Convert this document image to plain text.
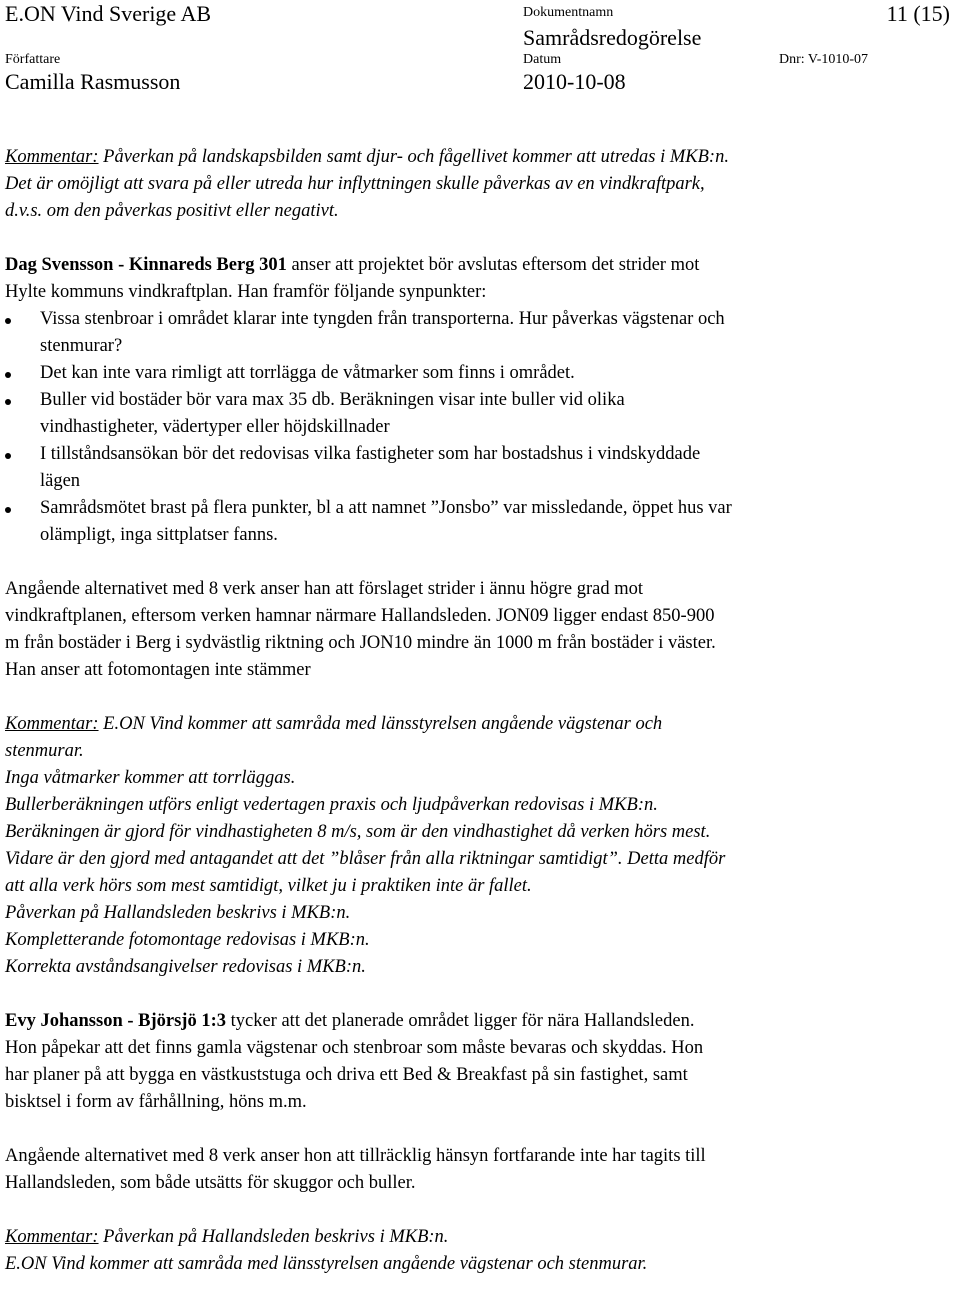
E.ON Vind Sverige AB	Dokumentnamn
Samrådsredogörelse
11 (15)
Författare	Datum	Dnr: V-1010-07
Camilla Rasmusson	2010-10-08

Kommentar: Påverkan på landskapsbilden samt djur- och fågellivet kommer att utredas i MKB:n.
Det är omöjligt att svara på eller utreda hur inflyttningen skulle påverkas av en vindkraftpark,
d.v.s. om den påverkas positivt eller negativt.

Dag Svensson - Kinnareds Berg 301 anser att projektet bör avslutas eftersom det strider mot
Hylte kommuns vindkraftplan. Han framför följande synpunkter:

Vissa stenbroar i området klarar inte tyngden från transporterna. Hur påverkas vägstenar och
stenmurar?
Det kan inte vara rimligt att torrlägga de våtmarker som finns i området.
Buller vid bostäder bör vara max 35 db. Beräkningen visar inte buller vid olika
vindhastigheter, vädertyper eller höjdskillnader
I tillståndsansökan bör det redovisas vilka fastigheter som har bostadshus i vindskyddade
lägen
Samrådsmötet brast på flera punkter, bl a att namnet ”Jonsbo” var missledande, öppet hus var
olämpligt, inga sittplatser fanns.

Angående alternativet med 8 verk anser han att förslaget strider i ännu högre grad mot
vindkraftplanen, eftersom verken hamnar närmare Hallandsleden. JON09 ligger endast 850-900
m från bostäder i Berg i sydvästlig riktning och JON10 mindre än 1000 m från bostäder i väster.
Han anser att fotomontagen inte stämmer

Kommentar: E.ON Vind kommer att samråda med länsstyrelsen angående vägstenar och
stenmurar.
Inga våtmarker kommer att torrläggas.
Bullerberäkningen utförs enligt vedertagen praxis och ljudpåverkan redovisas i MKB:n.
Beräkningen är gjord för vindhastigheten 8 m/s, som är den vindhastighet då verken hörs mest.
Vidare är den gjord med antagandet att det ”blåser från alla riktningar samtidigt”. Detta medför
att alla verk hörs som mest samtidigt, vilket ju i praktiken inte är fallet.
Påverkan på Hallandsleden beskrivs i MKB:n.
Kompletterande fotomontage redovisas i MKB:n.
Korrekta avståndsangivelser redovisas i MKB:n.

Evy Johansson - Björsjö 1:3 tycker att det planerade området ligger för nära Hallandsleden.
Hon påpekar att det finns gamla vägstenar och stenbroar som måste bevaras och skyddas. Hon
har planer på att bygga en västkuststuga och driva ett Bed & Breakfast på sin fastighet, samt
bisktsel i form av fårhållning, höns m.m.

Angående alternativet med 8 verk anser hon att tillräcklig hänsyn fortfarande inte har tagits till
Hallandsleden, som både utsätts för skuggor och buller.

Kommentar: Påverkan på Hallandsleden beskrivs i MKB:n.
E.ON Vind kommer att samråda med länsstyrelsen angående vägstenar och stenmurar.
